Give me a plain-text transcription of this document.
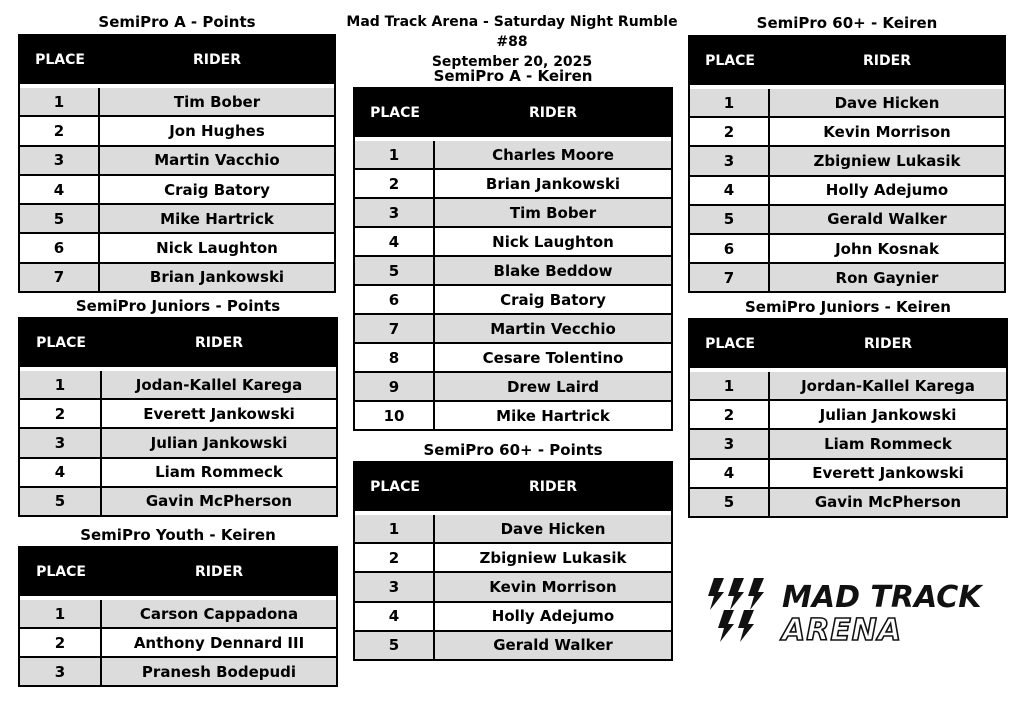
Mad Track Arena - Saturday Night Rumble #88
September 20, 2025
SemiPro A - Points
PLACE	RIDER
1	Tim Bober
2	Jon Hughes
3	Martin Vacchio
4	Craig Batory
5	Mike Hartrick
6	Nick Laughton
7	Brian Jankowski
SemiPro Juniors - Points
PLACE	RIDER
1	Jodan-Kallel Karega
2	Everett Jankowski
3	Julian Jankowski
4	Liam Rommeck
5	Gavin McPherson
SemiPro Youth - Keiren
PLACE	RIDER
1	Carson Cappadona
2	Anthony Dennard III
3	Pranesh Bodepudi
SemiPro A - Keiren
PLACE	RIDER
1	Charles Moore
2	Brian Jankowski
3	Tim Bober
4	Nick Laughton
5	Blake Beddow
6	Craig Batory
7	Martin Vecchio
8	Cesare Tolentino
9	Drew Laird
10	Mike Hartrick
SemiPro 60+ - Points
PLACE	RIDER
1	Dave Hicken
2	Zbigniew Lukasik
3	Kevin Morrison
4	Holly Adejumo
5	Gerald Walker
SemiPro 60+ - Keiren
PLACE	RIDER
1	Dave Hicken
2	Kevin Morrison
3	Zbigniew Lukasik
4	Holly Adejumo
5	Gerald Walker
6	John Kosnak
7	Ron Gaynier
SemiPro Juniors - Keiren
PLACE	RIDER
1	Jordan-Kallel Karega
2	Julian Jankowski
3	Liam Rommeck
4	Everett Jankowski
5	Gavin McPherson
MAD TRACK
ARENA
